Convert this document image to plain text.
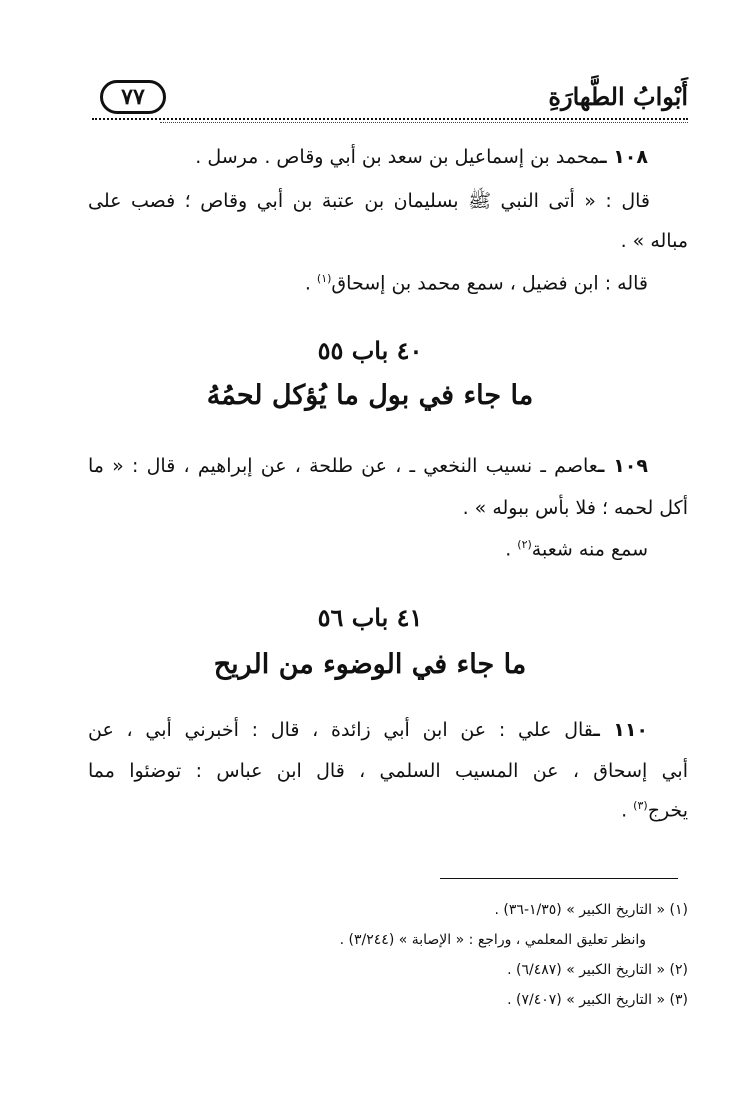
أَبْوابُ الطَّهارَةِ
٧٧
١٠٨ ـمحمد بن إسماعيل بن سعد بن أبي وقاص . مرسل .
قال : « أتى النبي ﷺ بسليمان بن عتبة بن أبي وقاص ؛ فصب على
مباله » .
قاله : ابن فضيل ، سمع محمد بن إسحاق$^{(١)}$ .
٤٠ باب ٥٥
ما جاء في بول ما يُؤكل لحمُهُ
١٠٩ ـعاصم ـ نسيب النخعي ـ ، عن طلحة ، عن إبراهيم ، قال : « ما
أكل لحمه ؛ فلا بأس ببوله » .
سمع منه شعبة$^{(٢)}$ .
٤١ باب ٥٦
ما جاء في الوضوء من الريح
١١٠ ـقال علي : عن ابن أبي زائدة ، قال : أخبرني أبي ، عن
أبي إسحاق ، عن المسيب السلمي ، قال ابن عباس : توضئوا مما
يخرج$^{(٣)}$ .
(١) « التاريخ الكبير » (١/٣٥-٣٦) .
وانظر تعليق المعلمي ، وراجع : « الإصابة » (٣/٢٤٤) .
(٢) « التاريخ الكبير » (٦/٤٨٧) .
(٣) « التاريخ الكبير » (٧/٤٠٧) .
